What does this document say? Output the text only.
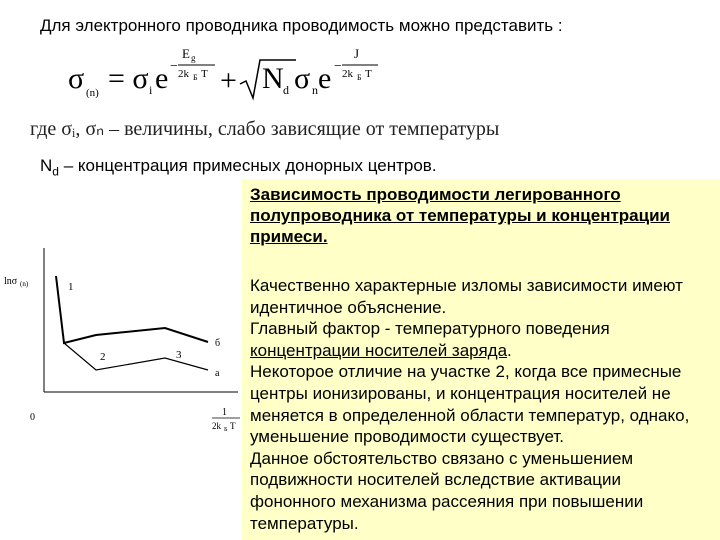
Для электронного проводника проводимость можно представить :
σ (n) = σ i e −
E g
2k Б T + N d σ n e −
J
2k Б T
где σᵢ, σₙ – величины, слабо зависящие от температуры
$N_d$ – концентрация примесных донорных центров.
Зависимость проводимости легированного полупроводника от температуры и концентрации примеси.
Качественно характерные изломы зависимости имеют идентичное объяснение.
Главный фактор - температурного поведения концентрации носителей заряда.
Некоторое отличие на участке 2, когда все примесные центры ионизированы, и концентрация носителей не меняется в определенной области температур, однако, уменьшение проводимости существует.
Данное обстоятельство связано с уменьшением подвижности носителей вследствие активации фононного механизма рассеяния при повышении температуры.
lnσ (n)
0
1
2	3
б
а
1
2k Б T
